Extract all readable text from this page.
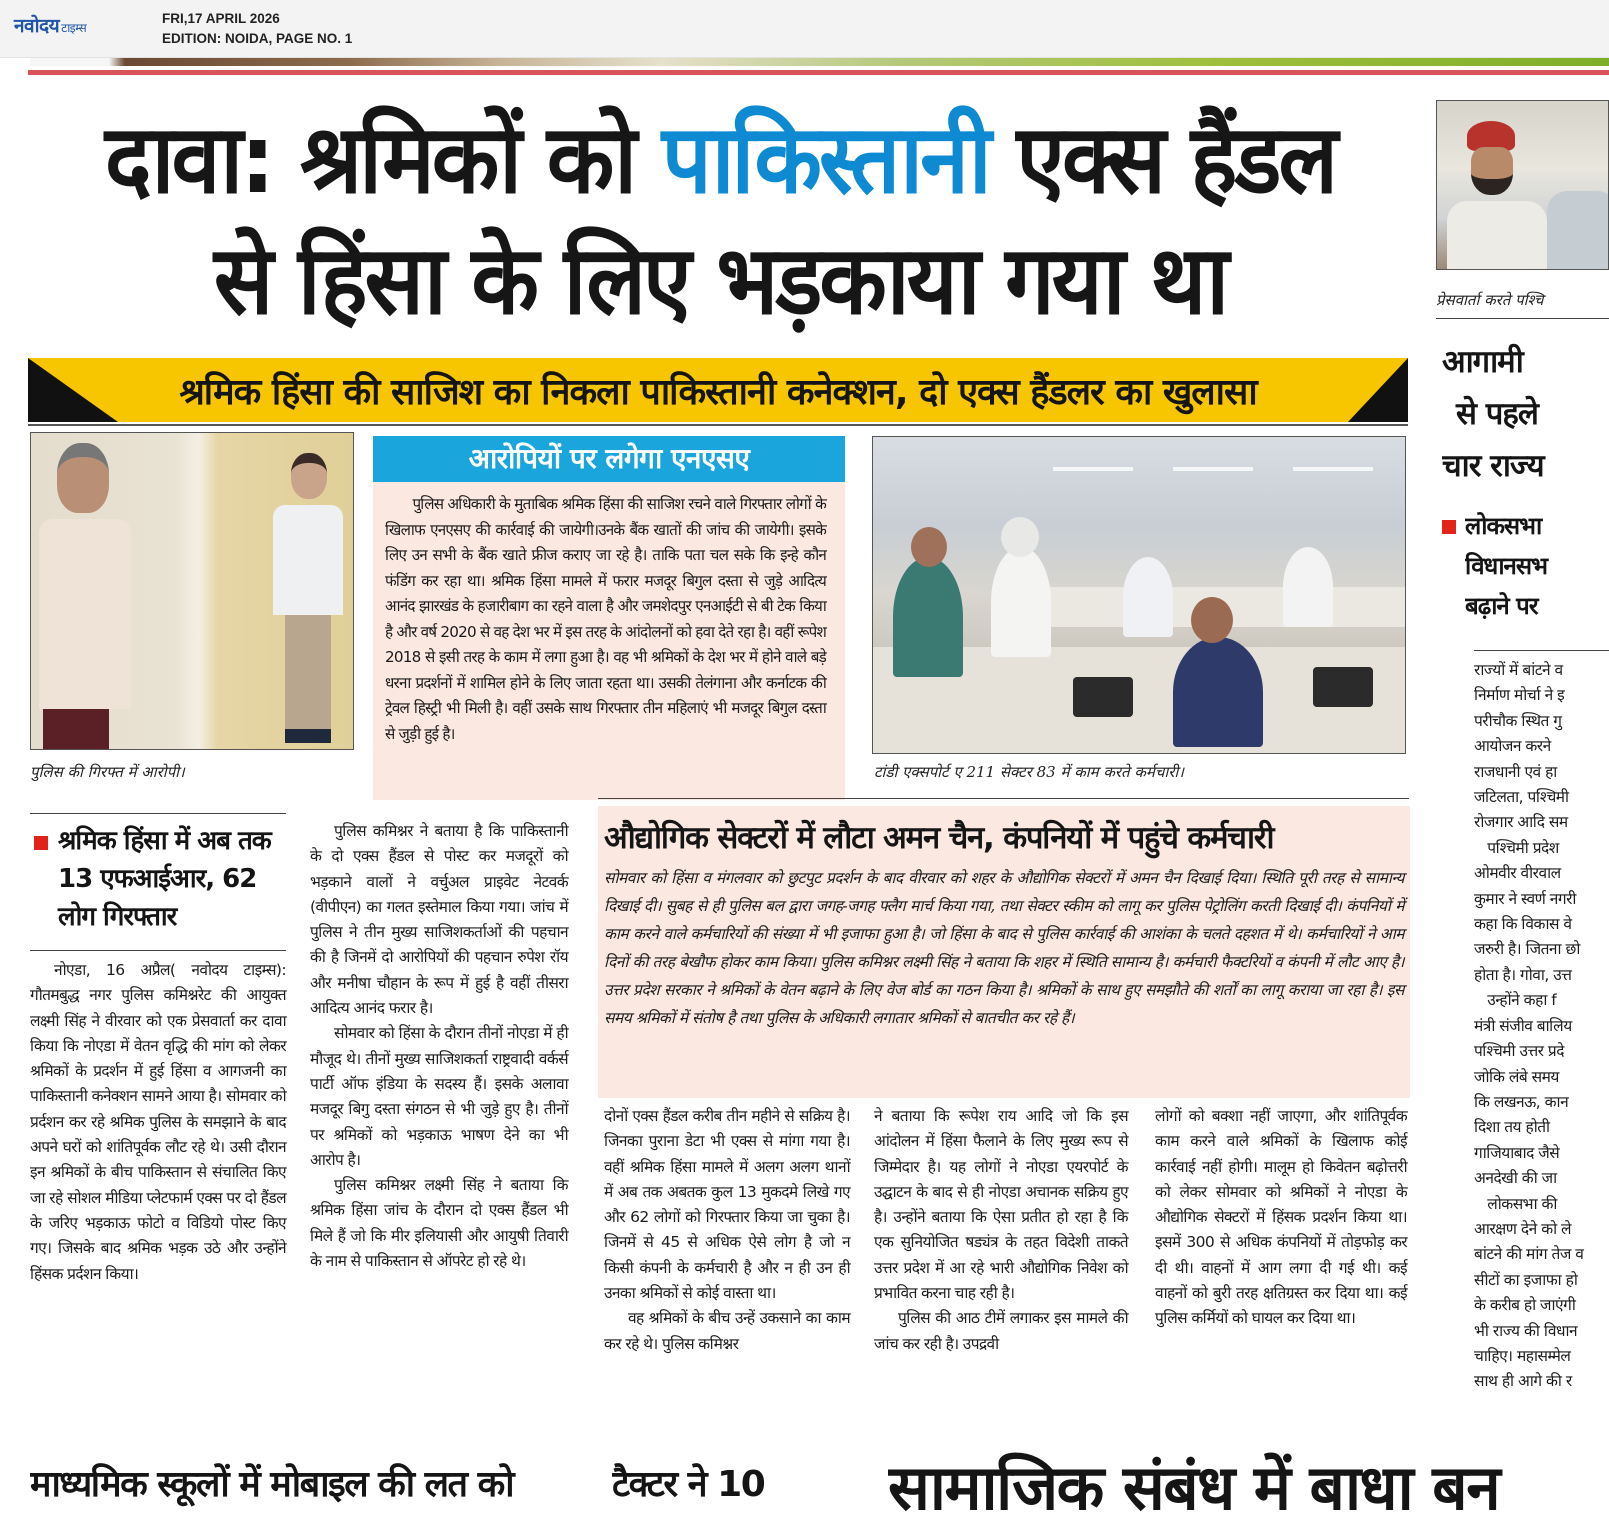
नवोदय टाइम्स
FRI,17 APRIL 2026
EDITION: NOIDA, PAGE NO. 1
दावा: श्रमिकों को पाकिस्तानी एक्स हैंडल
से हिंसा के लिए भड़काया गया था
श्रमिक हिंसा की साजिश का निकला पाकिस्तानी कनेक्शन, दो एक्स हैंडलर का खुलासा
पुलिस की गिरफ्त में आरोपी।
आरोपियों पर लगेगा एनएसए

पुलिस अधिकारी के मुताबिक श्रमिक हिंसा की साजिश रचने वाले गिरफ्तार लोगों के खिलाफ एनएसए की कार्रवाई की जायेगी।उनके बैंक खातों की जांच की जायेगी। इसके लिए उन सभी के बैंक खाते फ्रीज कराए जा रहे है। ताकि पता चल सके कि इन्हे कौन फंडिंग कर रहा था। श्रमिक हिंसा मामले में फरार मजदूर बिगुल दस्ता से जुड़े आदित्य आनंद झारखंड के हजारीबाग का रहने वाला है और जमशेदपुर एनआईटी से बी टेक किया है और वर्ष 2020 से वह देश भर में इस तरह के आंदोलनों को हवा देते रहा है। वहीं रूपेश 2018 से इसी तरह के काम में लगा हुआ है। वह भी श्रमिकों के देश भर में होने वाले बड़े धरना प्रदर्शनों में शामिल होने के लिए जाता रहता था। उसकी तेलंगाना और कर्नाटक की ट्रेवल हिस्ट्री भी मिली है। वहीं उसके साथ गिरफ्तार तीन महिलाएं भी मजदूर बिगुल दस्ता से जुड़ी हुई है।

टांडी एक्सपोर्ट ए 211 सेक्टर 83 में काम करते कर्मचारी।
श्रमिक हिंसा में अब तक 13 एफआईआर, 62 लोग गिरफ्तार

नोएडा, 16 अप्रैल( नवोदय टाइम्स): गौतमबुद्ध नगर पुलिस कमिश्नरेट की आयुक्त लक्ष्मी सिंह ने वीरवार को एक प्रेसवार्ता कर दावा किया कि नोएडा में वेतन वृद्धि की मांग को लेकर श्रमिकों के प्रदर्शन में हुई हिंसा व आगजनी का पाकिस्तानी कनेक्शन सामने आया है। सोमवार को प्रर्दशन कर रहे श्रमिक पुलिस के समझाने के बाद अपने घरों को शांतिपूर्वक लौट रहे थे। उसी दौरान इन श्रमिकों के बीच पाकिस्तान से संचालित किए जा रहे सोशल मीडिया प्लेटफार्म एक्स पर दो हैंडल के जरिए भड़काऊ फोटो व विडियो पोस्ट किए गए। जिसके बाद श्रमिक भड़क उठे और उन्होंने हिंसक प्रर्दशन किया।

पुलिस कमिश्नर ने बताया है कि पाकिस्तानी के दो एक्स हैंडल से पोस्ट कर मजदूरों को भड़काने वालों ने वर्चुअल प्राइवेट नेटवर्क (वीपीएन) का गलत इस्तेमाल किया गया। जांच में पुलिस ने तीन मुख्य साजिशकर्ताओं की पहचान की है जिनमें दो आरोपियों की पहचान रुपेश रॉय और मनीषा चौहान के रूप में हुई है वहीं तीसरा आदित्य आनंद फरार है।

सोमवार को हिंसा के दौरान तीनों नोएडा में ही मौजूद थे। तीनों मुख्य साजिशकर्ता राष्ट्रवादी वर्कर्स पार्टी ऑफ इंडिया के सदस्य हैं। इसके अलावा मजदूर बिगु दस्ता संगठन से भी जुड़े हुए है। तीनों पर श्रमिकों को भड़काऊ भाषण देने का भी आरोप है।

पुलिस कमिश्नर लक्ष्मी सिंह ने बताया कि श्रमिक हिंसा जांच के दौरान दो एक्स हैंडल भी मिले हैं जो कि मीर इलियासी और आयुषी तिवारी के नाम से पाकिस्तान से ऑपरेट हो रहे थे।

औद्योगिक सेक्टरों में लौटा अमन चैन, कंपनियों में पहुंचे कर्मचारी
सोमवार को हिंसा व मंगलवार को छुटपुट प्रदर्शन के बाद वीरवार को शहर के औद्योगिक सेक्टरों में अमन चैन दिखाई दिया। स्थिति पूरी तरह से सामान्य दिखाई दी। सुबह से ही पुलिस बल द्वारा जगह-जगह फ्लैग मार्च किया गया, तथा सेक्टर स्कीम को लागू कर पुलिस पेट्रोलिंग करती दिखाई दी। कंपनियों में काम करने वाले कर्मचारियों की संख्या में भी इजाफा हुआ है। जो हिंसा के बाद से पुलिस कार्रवाई की आशंका के चलते दहशत में थे। कर्मचारियों ने आम दिनों की तरह बेखौफ होकर काम किया। पुलिस कमिश्नर लक्ष्मी सिंह ने बताया कि शहर में स्थिति सामान्य है। कर्मचारी फैक्टरियों व कंपनी में लौट आए है। उत्तर प्रदेश सरकार ने श्रमिकों के वेतन बढ़ाने के लिए वेज बोर्ड का गठन किया है। श्रमिकों के साथ हुए समझौते की शर्तों का लागू कराया जा रहा है। इस समय श्रमिकों में संतोष है तथा पुलिस के अधिकारी लगातार श्रमिकों से बातचीत कर रहे हैं।

दोनों एक्स हैंडल करीब तीन महीने से सक्रिय है।जिनका पुराना डेटा भी एक्स से मांगा गया है। वहीं श्रमिक हिंसा मामले में अलग अलग थानों में अब तक अबतक कुल 13 मुकदमे लिखे गए और 62 लोगों को गिरफ्तार किया जा चुका है। जिनमें से 45 से अधिक ऐसे लोग है जो न किसी कंपनी के कर्मचारी है और न ही उन ही उनका श्रमिकों से कोई वास्ता था।

वह श्रमिकों के बीच उन्हें उकसाने का काम कर रहे थे। पुलिस कमिश्नर

ने बताया कि रूपेश राय आदि जो कि इस आंदोलन में हिंसा फैलाने के लिए मुख्य रूप से जिम्मेदार है। यह लोगों ने नोएडा एयरपोर्ट के उद्घाटन के बाद से ही नोएडा अचानक सक्रिय हुए है। उन्होंने बताया कि ऐसा प्रतीत हो रहा है कि एक सुनियोजित षड्यंत्र के तहत विदेशी ताकते उत्तर प्रदेश में आ रहे भारी औद्योगिक निवेश को प्रभावित करना चाह रही है।

पुलिस की आठ टीमें लगाकर इस मामले की जांच कर रही है। उपद्रवी

लोगों को बक्शा नहीं जाएगा, और शांतिपूर्वक काम करने वाले श्रमिकों के खिलाफ कोई कार्रवाई नहीं होगी। मालूम हो किवेतन बढ़ोत्तरी को लेकर सोमवार को श्रमिकों ने नोएडा के औद्योगिक सेक्टरों में हिंसक प्रदर्शन किया था। इसमें 300 से अधिक कंपनियों में तोड़फोड़ कर दी थी। वाहनों में आग लगा दी गई थी। कई वाहनों को बुरी तरह क्षतिग्रस्त कर दिया था। कई पुलिस कर्मियों को घायल कर दिया था।

प्रेसवार्ता करते पश्चि
आगामी
से पहले
चार राज्य
लोकसभा
विधानसभ
बढ़ाने पर
राज्यों में बांटने व
निर्माण मोर्चा ने इ
परीचौक स्थित गु
आयोजन करने
राजधानी एवं हा
जटिलता, पश्चिमी
रोजगार आदि सम
पश्चिमी प्रदेश
ओमवीर वीरवाल
कुमार ने स्वर्ण नगरी
कहा कि विकास वे
जरुरी है। जितना छो
होता है। गोवा, उत्त
उन्होंने कहा f
मंत्री संजीव बालिय
पश्चिमी उत्तर प्रदे
जोकि लंबे समय
कि लखनऊ, कान
दिशा तय होती
गाजियाबाद जैसे
अनदेखी की जा
लोकसभा की
आरक्षण देने को ले
बांटने की मांग तेज व
सीटों का इजाफा हो
के करीब हो जाएंगी
भी राज्य की विधान
चाहिए। महासम्मेल
साथ ही आगे की र
माध्यमिक स्कूलों में मोबाइल की लत को	टैक्टर ने 10	सामाजिक संबंध में बाधा बन
